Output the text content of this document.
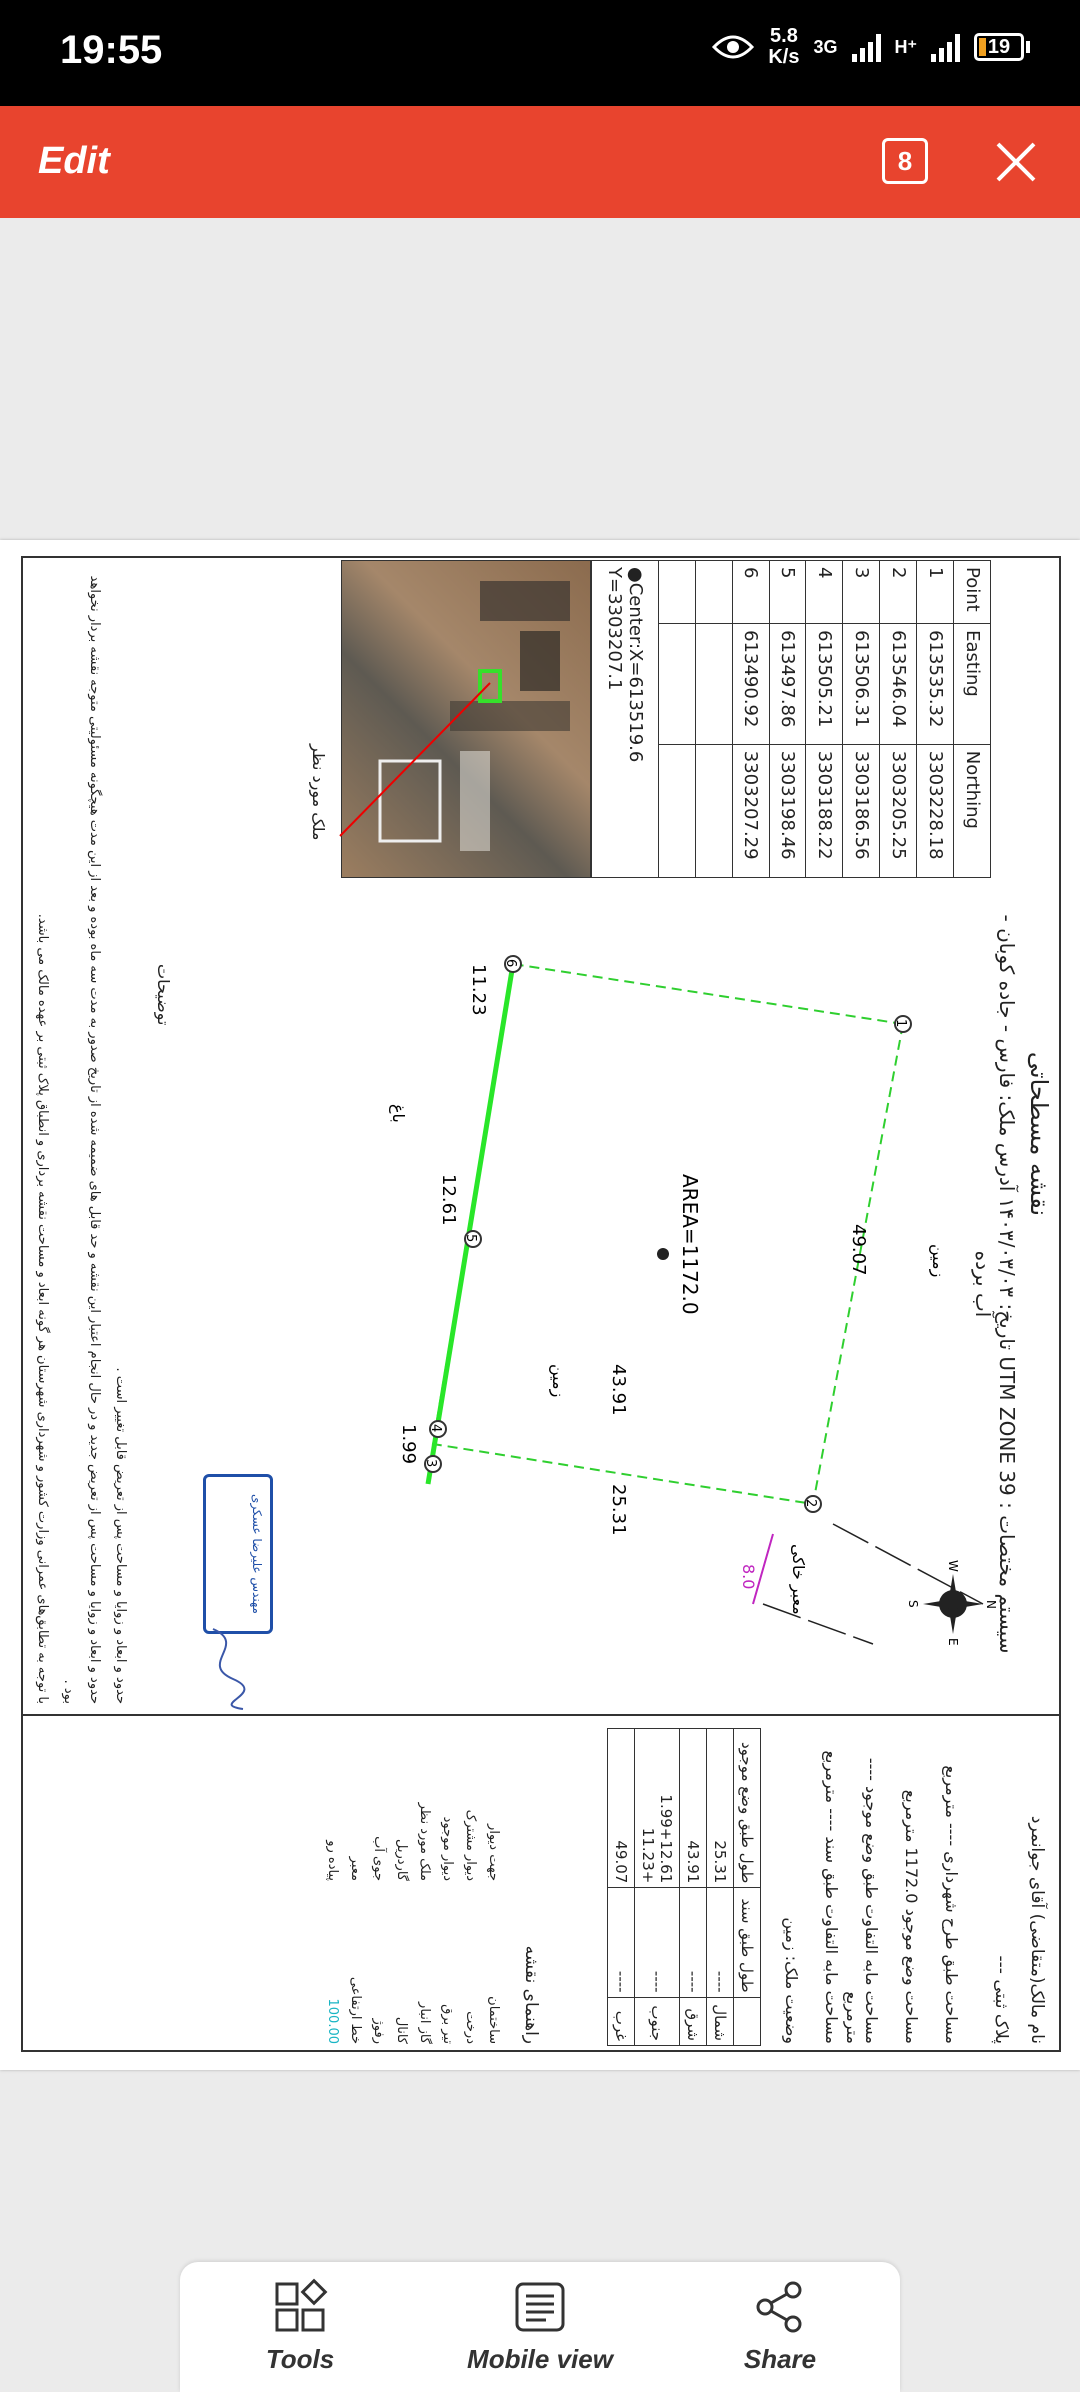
19:55	5.8
K/s 3G	H⁺	19
Edit	8
Point	Easting	Northing
1	613535.32	3303228.18
2	613546.04	3303205.25
3	613506.31	3303186.56
4	613505.21	3303188.22
5	613497.86	3303198.46
6	613490.92	3303207.29

●Center:X=613519.6 Y=3303207.1		
نقشه مسطحاتی
سیستم مختصات : UTM ZONE 39 تاریخ: ۱۴۰۳/۰۳/۰۳ آدرس ملک: فارس - جاده کوبان - آب برده
ملک مورد نظر
1
2
3
4
5
6
AREA=1172.0	49.07
43.91
25.31
11.23
12.61
1.99
8.0
زمین
زمین
باغ
معبر خاکی	N
S
W
E
مهندس علیرضا عسکری
نام مالک(متقاضی) آقای جوانمرد
پلاک ثبتی ---
مساحت طبق طرح شهرداری ---- مترمربع
مساحت وضع موجود 1172.0 مترمربع
مساحت مابه التفاوت طبق وضع موجود ---- مترمربع
مساحت مابه التفاوت طبق سند ---- مترمربع
وضعیت ملک: زمین
	طول طبق سند	طول طبق وضع موجود
شمال	----	25.31
شرق	----	43.91
جنوب	----	1.99+12.61
+11.23
غرب	----	49.07
راهنمای نقشه
ساختمان
جهت دیوار
درخت
دیوار مشترک
تیر برق
دیوار موجود
گاز انبار
ملک مورد نظر
کانال
گاردریل
رفوژ
جوی آب
خط ارتفاعی
معبر
100.00
پیاده رو
توضیحات
حدود و ابعاد و زوایا و مساحت پس از تعریض قابل تغییر است .
حدود و ابعاد و زوایا و مساحت پس از تعریض جدید و در حال انجام اعتبار این نقشه و حد قابل های ضمیمه شده از تاریخ صدور به مدت سه ماه بوده و بعد از این مدت هیچگونه مسئولیتی متوجه نقشه بردار نخواهد بود .
با توجه به تطابق‌های عمرانی وزارت کشور و شهرداری شهرستان هر گونه ابعاد و مساحت نقشه برداری و انطباق پلاک ثبتی بر عهده مالک می باشد.
Tools	Mobile view	Share
